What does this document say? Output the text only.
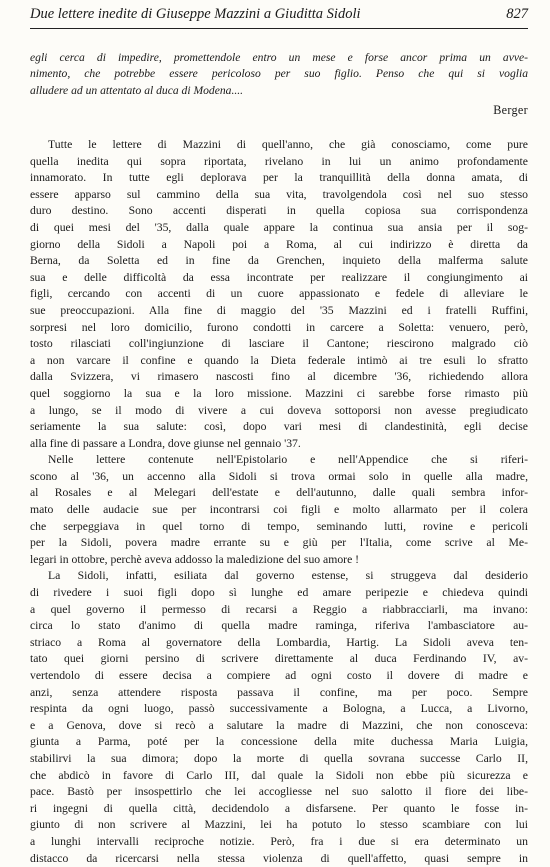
Due lettere inedite di Giuseppe Mazzini a Giuditta Sidoli	827
egli cerca di impedire, promettendole entro un mese e forse ancor prima un avve-
nimento, che potrebbe essere pericoloso per suo figlio. Penso che qui si voglia
alludere ad un attentato al duca di Modena....
Berger
Tutte le lettere di Mazzini di quell'anno, che già conosciamo, come pure
quella inedita qui sopra riportata, rivelano in lui un animo profondamente
innamorato. In tutte egli deplorava per la tranquillità della donna amata, di
essere apparso sul cammino della sua vita, travolgendola così nel suo stesso
duro destino. Sono accenti disperati in quella copiosa sua corrispondenza
di quei mesi del '35, dalla quale appare la continua sua ansia per il sog-
giorno della Sidoli a Napoli poi a Roma, al cui indirizzo è diretta da
Berna, da Soletta ed in fine da Grenchen, inquieto della malferma salute
sua e delle difficoltà da essa incontrate per realizzare il congiungimento ai
figli, cercando con accenti di un cuore appassionato e fedele di alleviare le
sue preoccupazioni. Alla fine di maggio del '35 Mazzini ed i fratelli Ruffini,
sorpresi nel loro domicilio, furono condotti in carcere a Soletta: venuero, però,
tosto rilasciati coll'ingiunzione di lasciare il Cantone; riescirono malgrado ciò
a non varcare il confine e quando la Dieta federale intimò ai tre esuli lo sfratto
dalla Svizzera, vi rimasero nascosti fino al dicembre '36, richiedendo allora
quel soggiorno la sua e la loro missione. Mazzini ci sarebbe forse rimasto più
a lungo, se il modo di vivere a cui doveva sottoporsi non avesse pregiudicato
seriamente la sua salute: così, dopo vari mesi di clandestinità, egli decise
alla fine di passare a Londra, dove giunse nel gennaio '37.
Nelle lettere contenute nell'Epistolario e nell'Appendice che si riferi-
scono al '36, un accenno alla Sidoli si trova ormai solo in quelle alla madre,
al Rosales e al Melegari dell'estate e dell'autunno, dalle quali sembra infor-
mato delle audacie sue per incontrarsi coi figli e molto allarmato per il colera
che serpeggiava in quel torno di tempo, seminando lutti, rovine e pericoli
per la Sidoli, povera madre errante su e giù per l'Italia, come scrive al Me-
legari in ottobre, perchè aveva addosso la maledizione del suo amore !
La Sidoli, infatti, esiliata dal governo estense, si struggeva dal desiderio
di rivedere i suoi figli dopo sì lunghe ed amare peripezie e chiedeva quindi
a quel governo il permesso di recarsi a Reggio a riabbracciarli, ma invano:
circa lo stato d'animo di quella madre raminga, riferiva l'ambasciatore au-
striaco a Roma al governatore della Lombardia, Hartig. La Sidoli aveva ten-
tato quei giorni persino di scrivere direttamente al duca Ferdinando IV, av-
vertendolo di essere decisa a compiere ad ogni costo il dovere di madre e
anzi, senza attendere risposta passava il confine, ma per poco. Sempre
respinta da ogni luogo, passò successivamente a Bologna, a Lucca, a Livorno,
e a Genova, dove si recò a salutare la madre di Mazzini, che non conosceva:
giunta a Parma, poté per la concessione della mite duchessa Maria Luigia,
stabilirvi la sua dimora; dopo la morte di quella sovrana successe Carlo II,
che abdicò in favore di Carlo III, dal quale la Sidoli non ebbe più sicurezza e
pace. Bastò per insospettirlo che lei accogliesse nel suo salotto il fiore dei libe-
ri ingegni di quella città, decidendolo a disfarsene. Per quanto le fosse in-
giunto di non scrivere al Mazzini, lei ha potuto lo stesso scambiare con lui
a lunghi intervalli reciproche notizie. Però, fra i due si era determinato un
distacco da ricercarsi nella stessa violenza di quell'affetto, quasi sempre in
